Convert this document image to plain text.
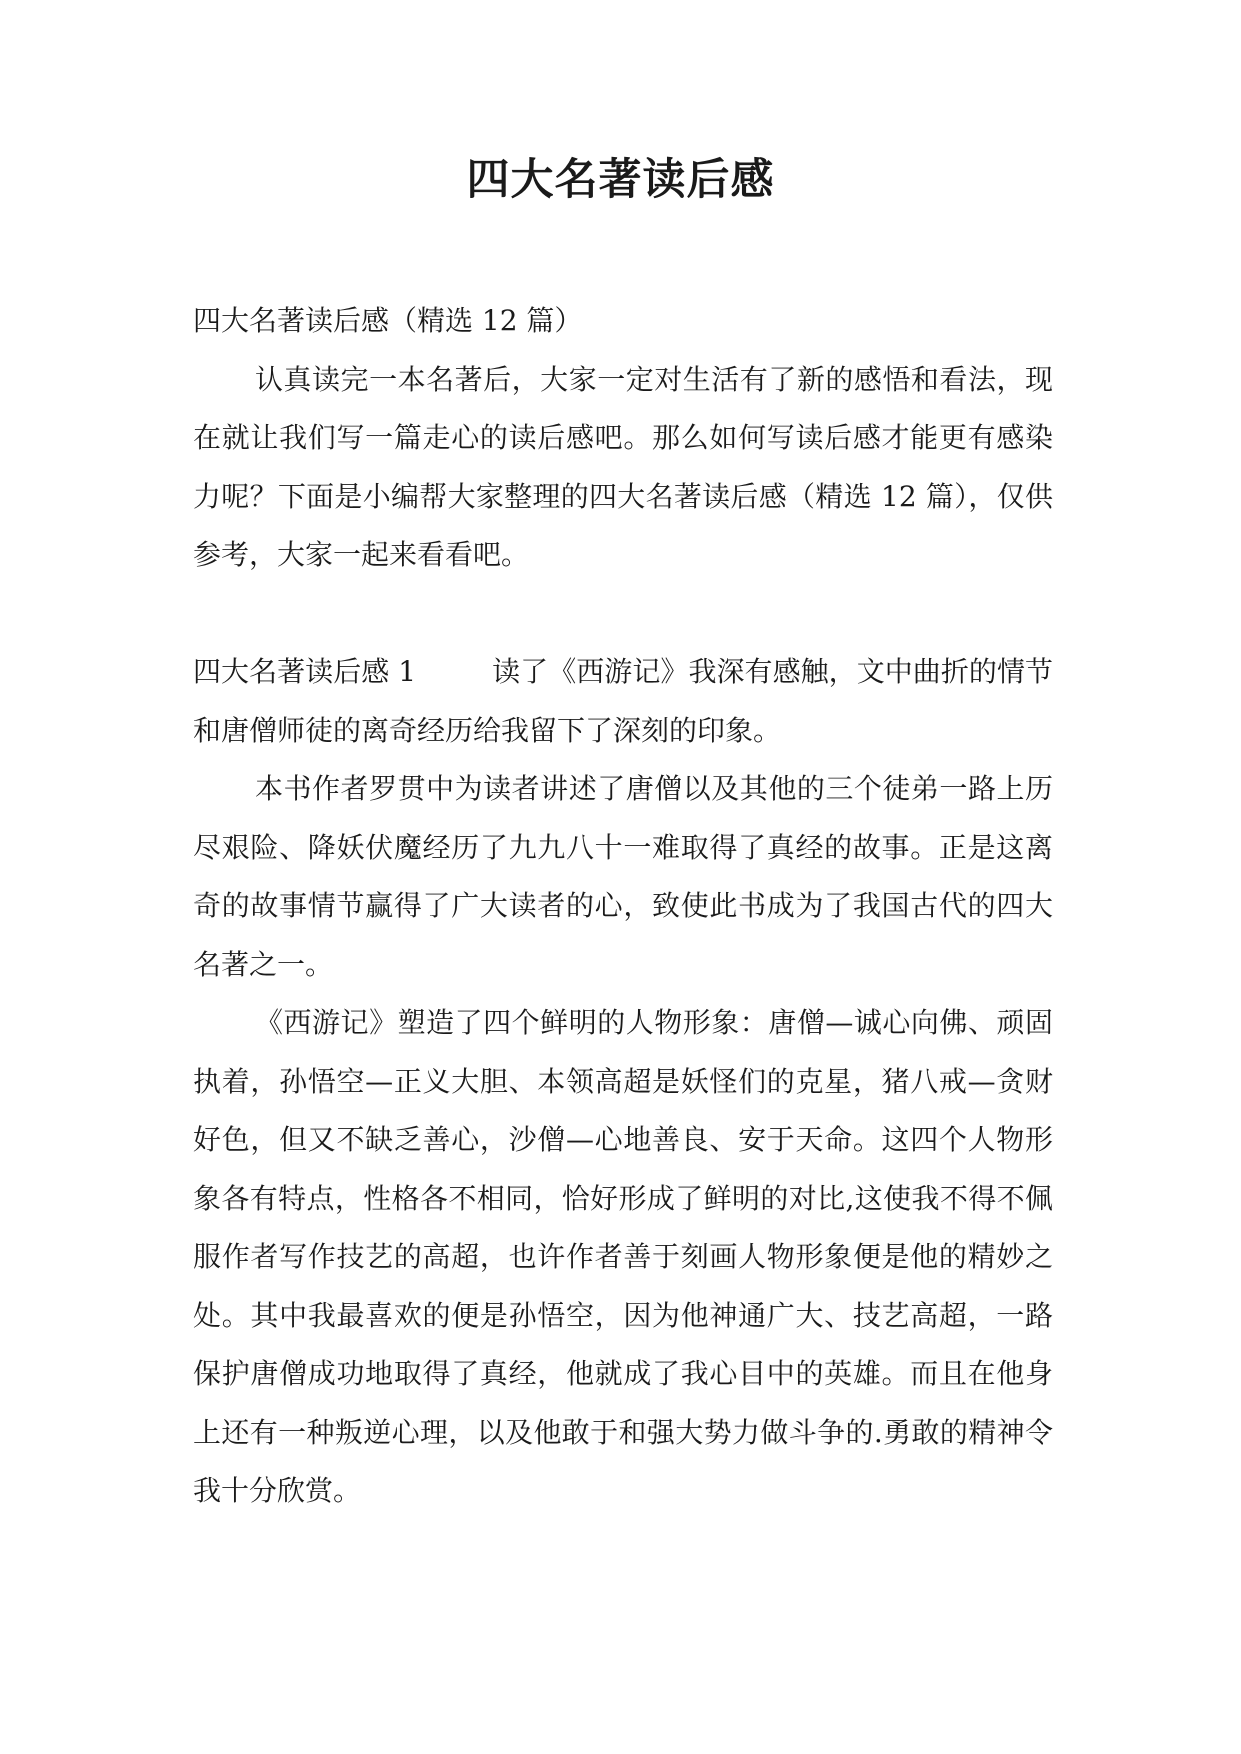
四大名著读后感

四大名著读后感（精选 12 篇）

认真读完一本名著后，大家一定对生活有了新的感悟和看法，现在就让我们写一篇走心的读后感吧。那么如何写读后感才能更有感染力呢？下面是小编帮大家整理的四大名著读后感（精选 12 篇），仅供参考，大家一起来看看吧。

四大名著读后感 1	读了《西游记》我深有感触，文中曲折的情节和唐僧师徒的离奇经历给我留下了深刻的印象。

本书作者罗贯中为读者讲述了唐僧以及其他的三个徒弟一路上历尽艰险、降妖伏魔经历了九九八十一难取得了真经的故事。正是这离奇的故事情节赢得了广大读者的心，致使此书成为了我国古代的四大名著之一。

《西游记》塑造了四个鲜明的人物形象：唐僧—诚心向佛、顽固执着，孙悟空—正义大胆、本领高超是妖怪们的克星，猪八戒—贪财好色，但又不缺乏善心，沙僧—心地善良、安于天命。这四个人物形象各有特点，性格各不相同，恰好形成了鲜明的对比,这使我不得不佩服作者写作技艺的高超，也许作者善于刻画人物形象便是他的精妙之处。其中我最喜欢的便是孙悟空，因为他神通广大、技艺高超，一路保护唐僧成功地取得了真经，他就成了我心目中的英雄。而且在他身上还有一种叛逆心理，以及他敢于和强大势力做斗争的.勇敢的精神令我十分欣赏。
